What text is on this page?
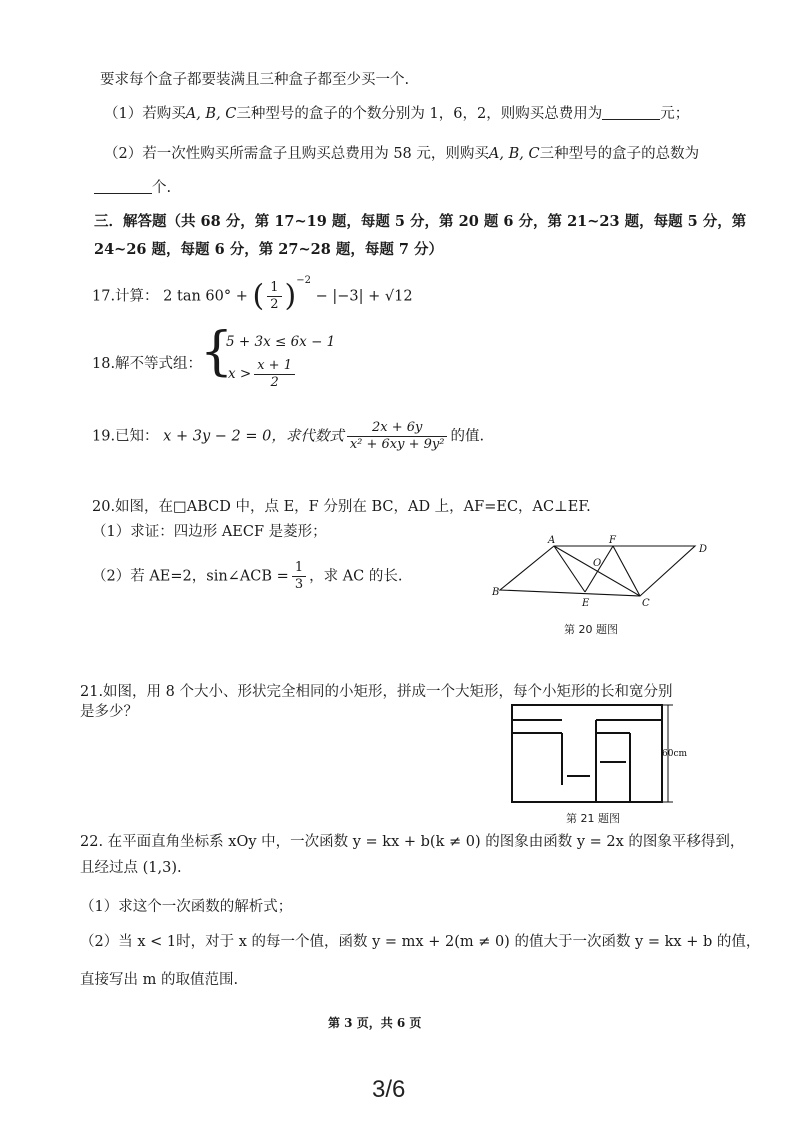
要求每个盒子都要装满且三种盒子都至少买一个.
（1）若购买A, B, C三种型号的盒子的个数分别为 1，6，2，则购买总费用为	元；
（2）若一次性购买所需盒子且购买总费用为 58 元，则购买A, B, C三种型号的盒子的总数为
个.
三．解答题（共 68 分，第 17~19 题，每题 5 分，第 20 题 6 分，第 21~23 题，每题 5 分，第
24~26 题，每题 6 分，第 27~28 题，每题 7 分）
17.计算： 2 tan 60° + ( $\frac{1}{2} )^{-2} - |-3| + √12$
18.解不等式组：
{
5 + 3x ≤ 6x − 1
$x > \frac{x + 1}{2}$
19.已知： x + 3y − 2 = 0，求代数式 $\frac{2x + 6y}{\text{x² + 6xy + 9y²}}$ 的值.
20.如图，在□ABCD 中，点 E，F 分别在 BC，AD 上，AF=EC，AC⊥EF.
（1）求证：四边形 AECF 是菱形；
（2）若 AE=2，sin∠ACB = $\frac{1}{3}$ ，求 AC 的长.
A	F
D
B
E	C
O
第 20 题图
21.如图，用 8 个大小、形状完全相同的小矩形，拼成一个大矩形，每个小矩形的长和宽分别
是多少？
60cm
第 21 题图
22. 在平面直角坐标系 xOy 中，一次函数 y = kx + b(k ≠ 0) 的图象由函数 y = 2x 的图象平移得到，
且经过点 (1,3).
（1）求这个一次函数的解析式；
（2）当 x < 1时，对于 x 的每一个值，函数 y = mx + 2(m ≠ 0) 的值大于一次函数 y = kx + b 的值，
直接写出 m 的取值范围.
第 3 页，共 6 页
3/6
